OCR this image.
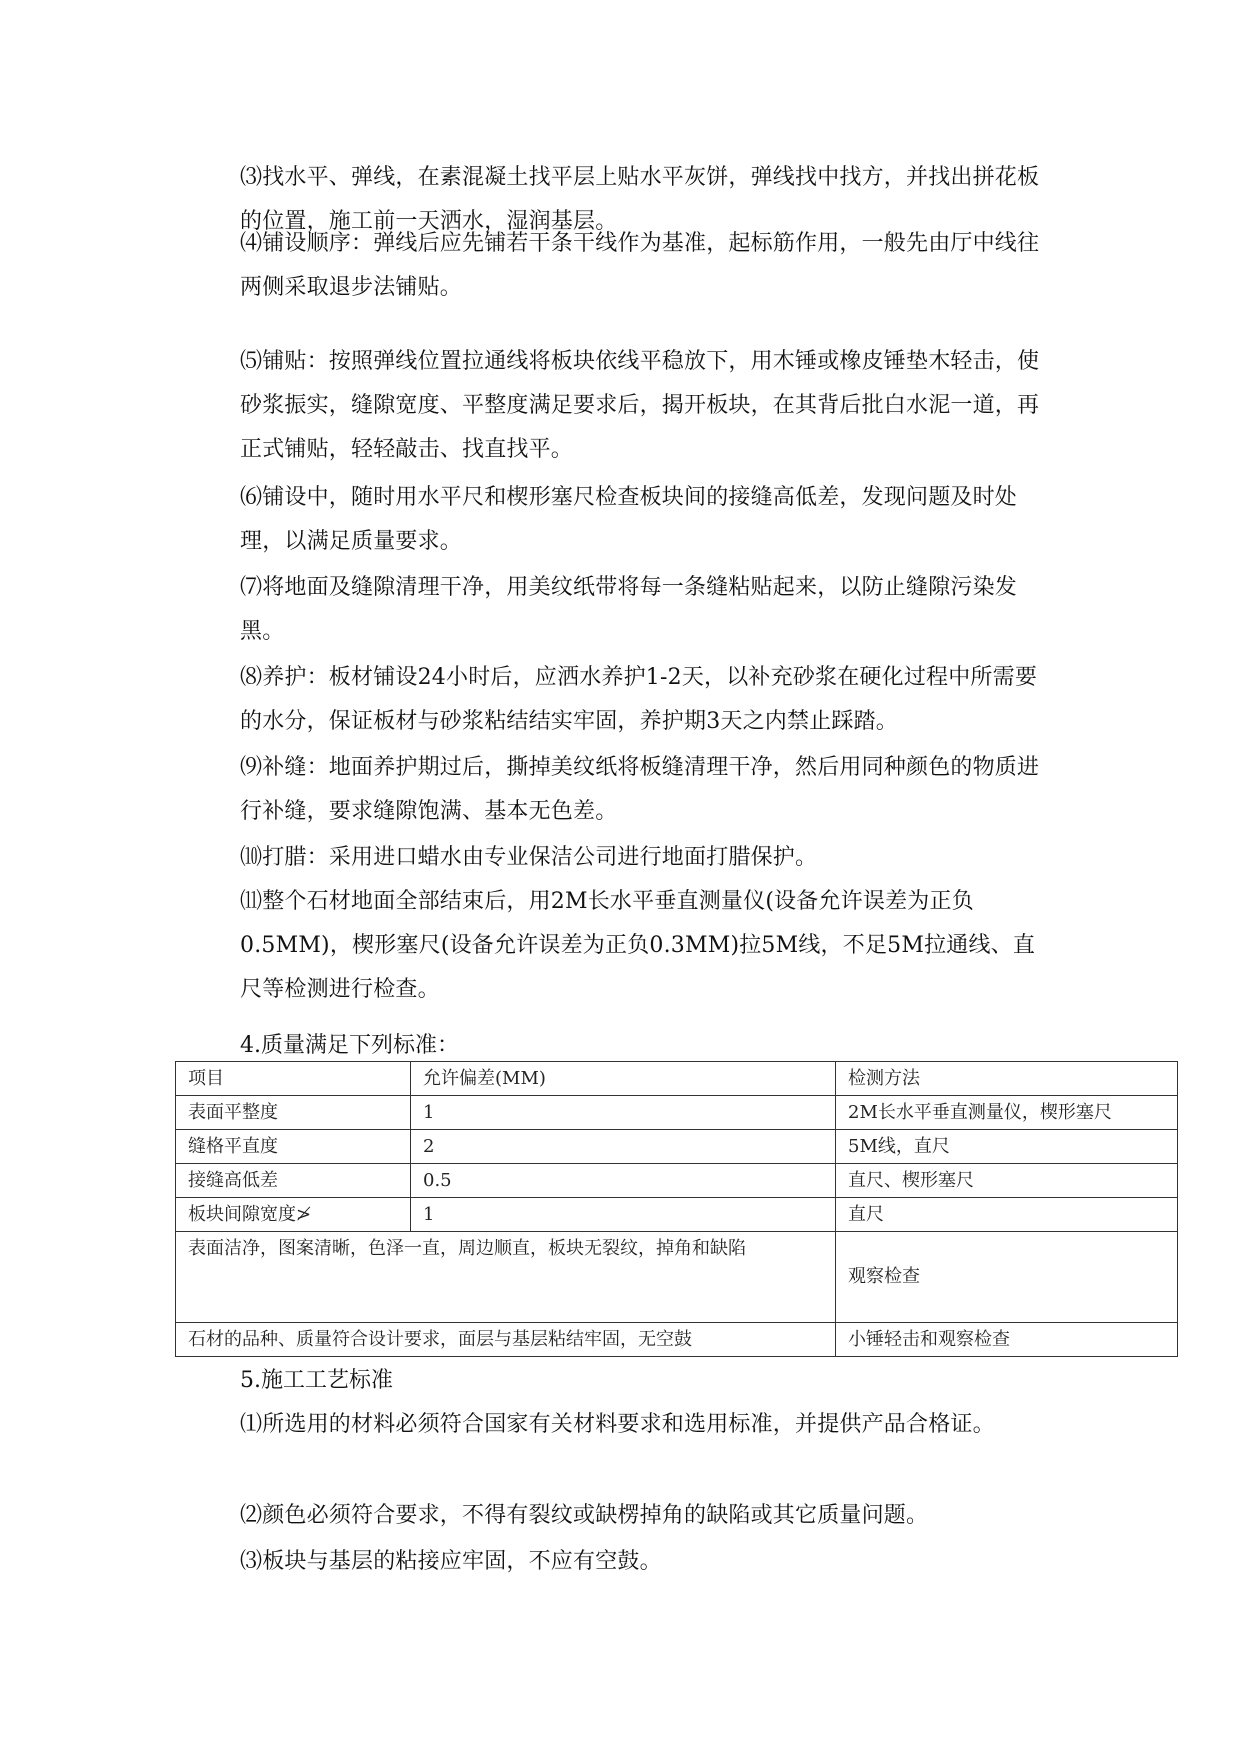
⑶找水平、弹线，在素混凝土找平层上贴水平灰饼，弹线找中找方，并找出拼花板的位置，施工前一天洒水，湿润基层。

⑷铺设顺序：弹线后应先铺若干条干线作为基准，起标筋作用，一般先由厅中线往两侧采取退步法铺贴。

⑸铺贴：按照弹线位置拉通线将板块依线平稳放下，用木锤或橡皮锤垫木轻击，使砂浆振实，缝隙宽度、平整度满足要求后，揭开板块，在其背后批白水泥一道，再正式铺贴，轻轻敲击、找直找平。

⑹铺设中，随时用水平尺和楔形塞尺检查板块间的接缝高低差，发现问题及时处理，以满足质量要求。

⑺将地面及缝隙清理干净，用美纹纸带将每一条缝粘贴起来，以防止缝隙污染发黑。

⑻养护：板材铺设24小时后，应洒水养护1-2天，以补充砂浆在硬化过程中所需要的水分，保证板材与砂浆粘结结实牢固，养护期3天之内禁止踩踏。

⑼补缝：地面养护期过后，撕掉美纹纸将板缝清理干净，然后用同种颜色的物质进行补缝，要求缝隙饱满、基本无色差。

⑽打腊：采用进口蜡水由专业保洁公司进行地面打腊保护。

⑾整个石材地面全部结束后，用2M长水平垂直测量仪(设备允许误差为正负0.5MM)，楔形塞尺(设备允许误差为正负0.3MM)拉5M线，不足5M拉通线、直尺等检测进行检查。

4.质量满足下列标准：

项目	允许偏差(MM)	检测方法
表面平整度	1	2M长水平垂直测量仪，楔形塞尺
缝格平直度	2	5M线，直尺
接缝高低差	0.5	直尺、楔形塞尺
板块间隙宽度≯	1	直尺
表面洁净，图案清晰，色泽一直，周边顺直，板块无裂纹，掉角和缺陷		观察检查
石材的品种、质量符合设计要求，面层与基层粘结牢固，无空鼓		小锤轻击和观察检查

5.施工工艺标准

⑴所选用的材料必须符合国家有关材料要求和选用标准，并提供产品合格证。

⑵颜色必须符合要求，不得有裂纹或缺楞掉角的缺陷或其它质量问题。

⑶板块与基层的粘接应牢固，不应有空鼓。
